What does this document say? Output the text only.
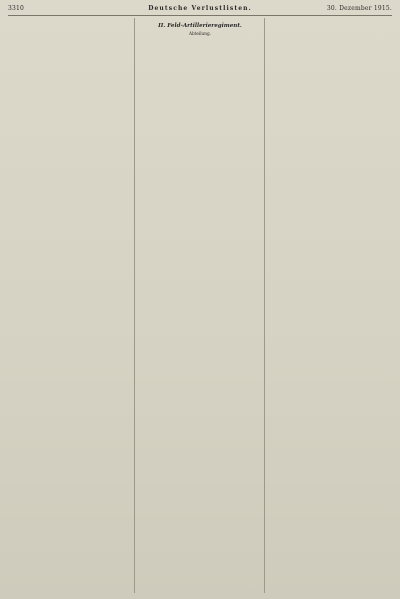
3310	Deutsche Verlustlisten.	30. Dezember 1915.
II. Feld-Artillerieregiment.
Abteilung.
